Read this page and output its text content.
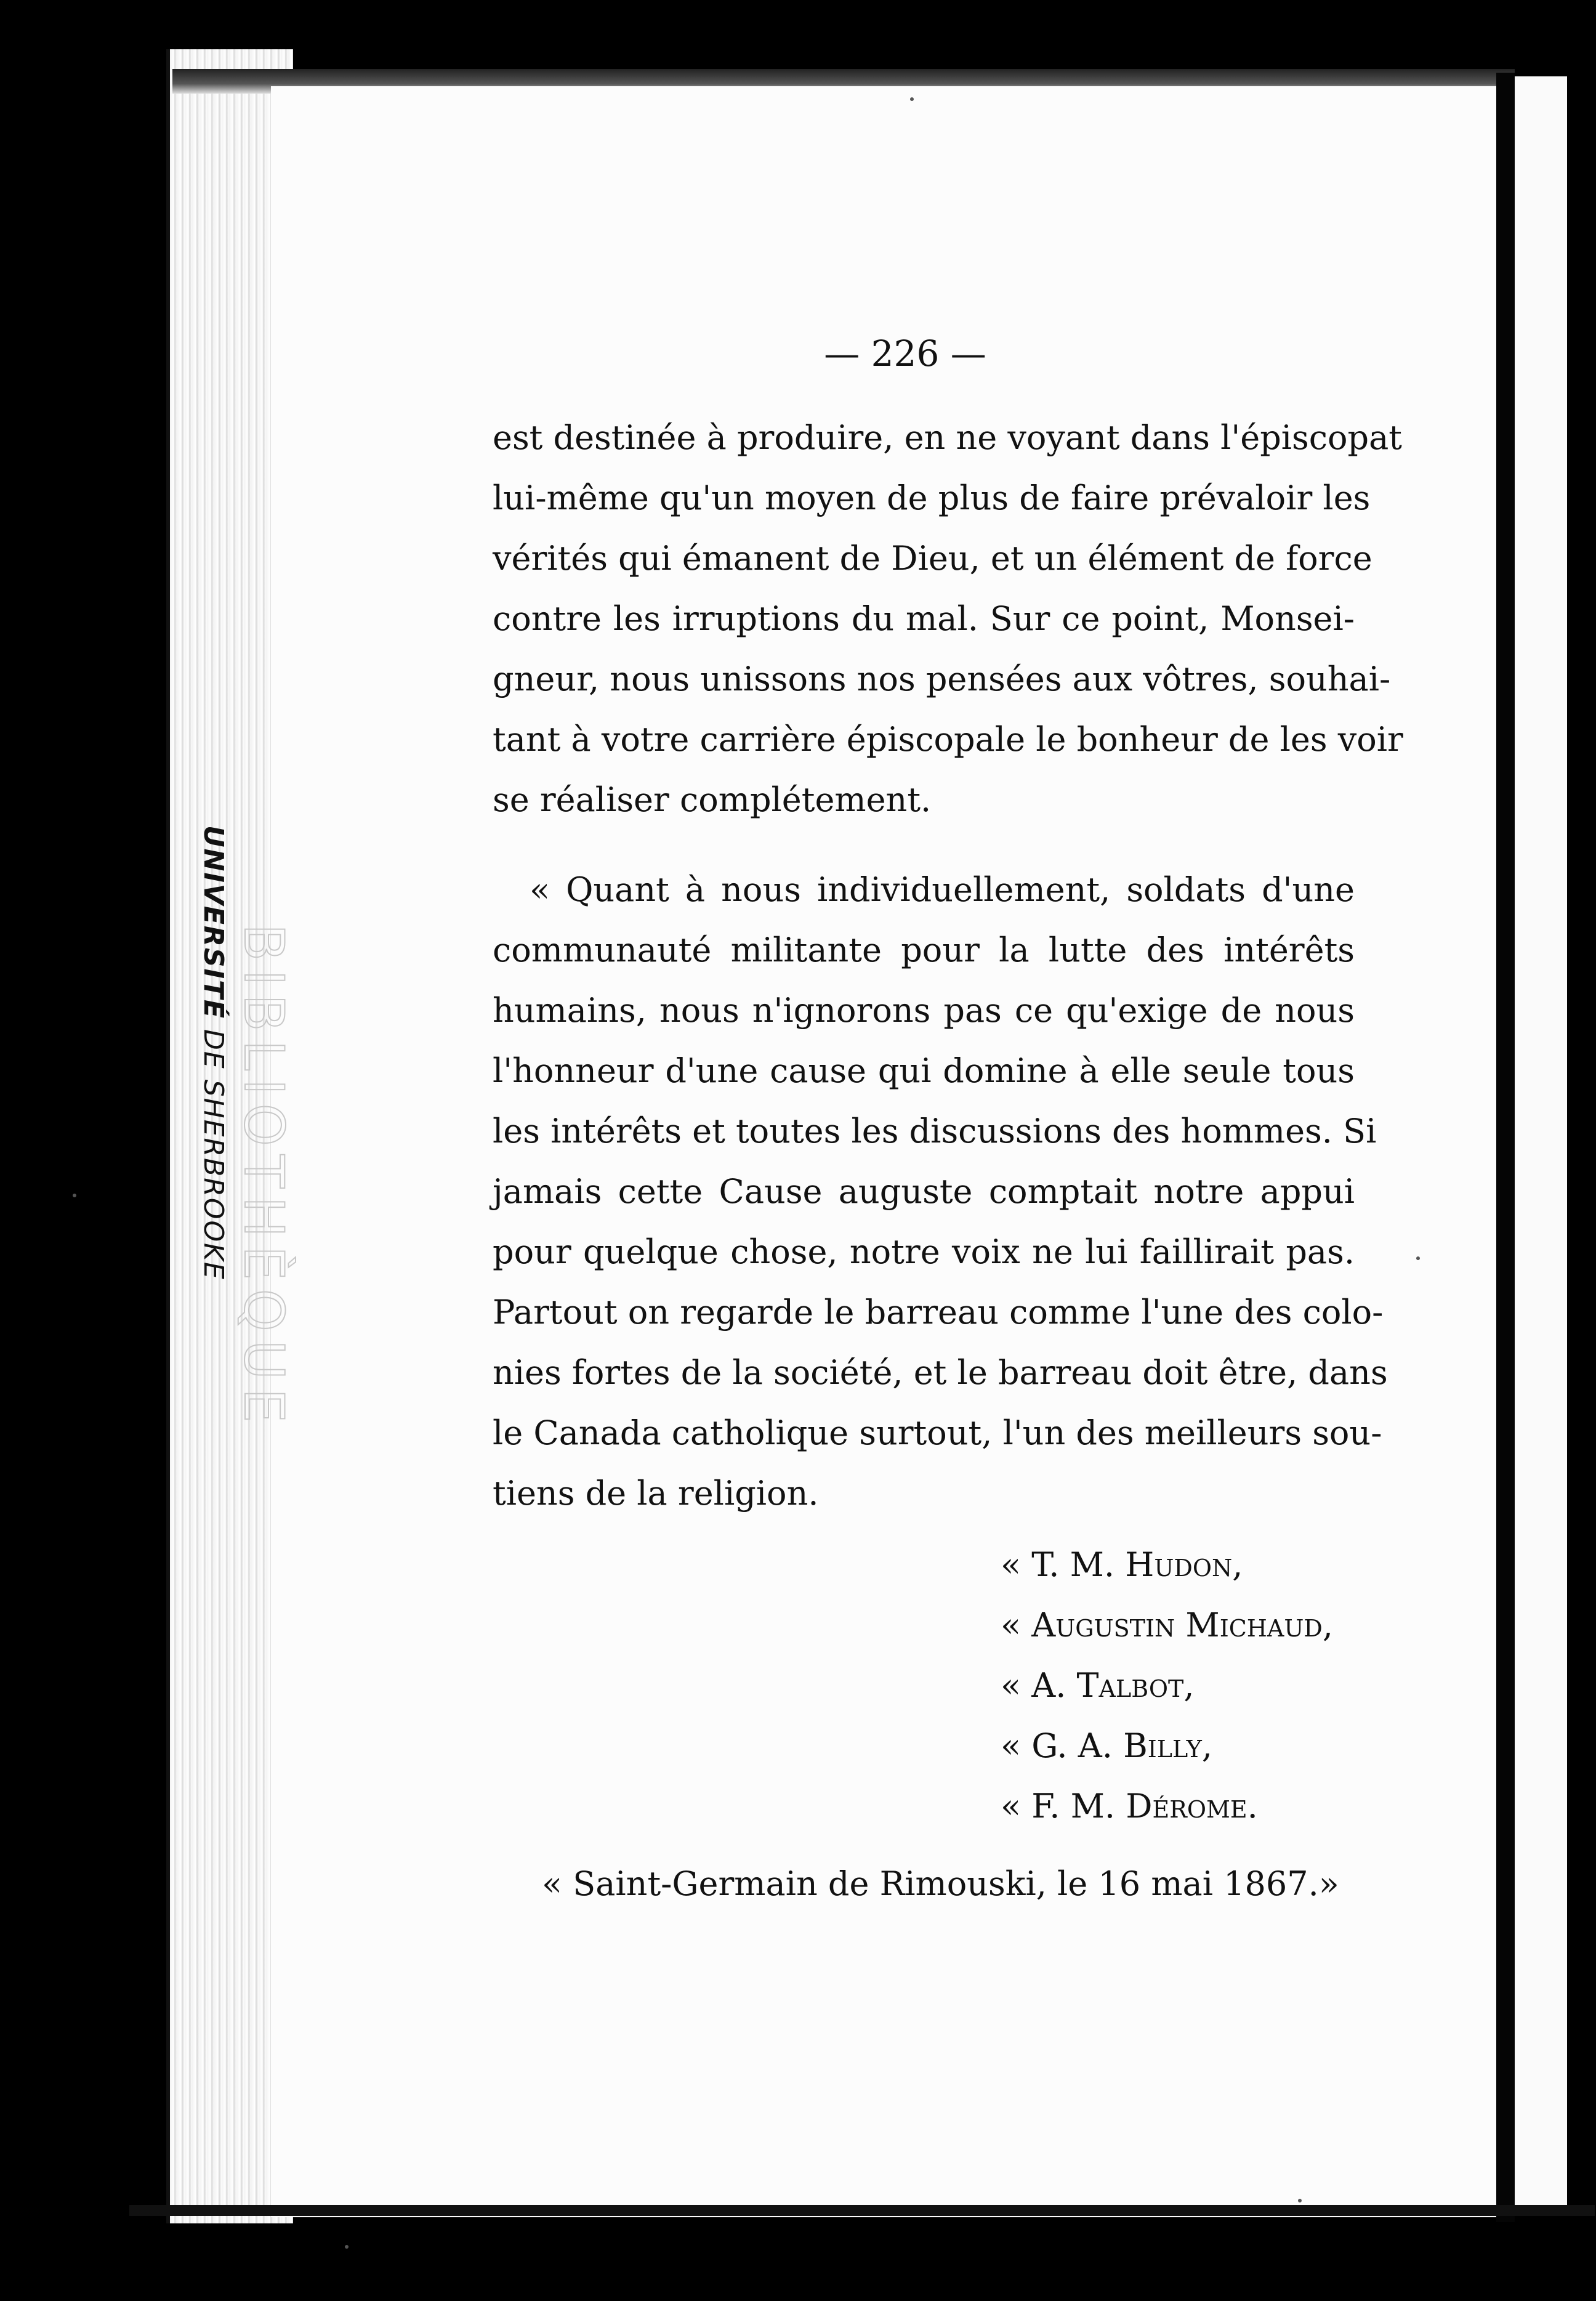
UNIVERSITÉ DE SHERBROOKE BIBLIOTHÈQUE
— 226 —
est destinée à produire, en ne voyant dans l'épiscopat
lui-même qu'un moyen de plus de faire prévaloir les
vérités qui émanent de Dieu, et un élément de force
contre les irruptions du mal. Sur ce point, Monsei-
gneur, nous unissons nos pensées aux vôtres, souhai-
tant à votre carrière épiscopale le bonheur de les voir
se réaliser complétement.
« Quant à nous individuellement, soldats d'une
communauté militante pour la lutte des intérêts
humains, nous n'ignorons pas ce qu'exige de nous
l'honneur d'une cause qui domine à elle seule tous
les intérêts et toutes les discussions des hommes. Si
jamais cette Cause auguste comptait notre appui
pour quelque chose, notre voix ne lui faillirait pas.
Partout on regarde le barreau comme l'une des colo-
nies fortes de la société, et le barreau doit être, dans
le Canada catholique surtout, l'un des meilleurs sou-
tiens de la religion.
« T. M. Hudon,
« Augustin Michaud,
« A. Talbot,
« G. A. Billy,
« F. M. Dérome.
« Saint-Germain de Rimouski, le 16 mai 1867.»
